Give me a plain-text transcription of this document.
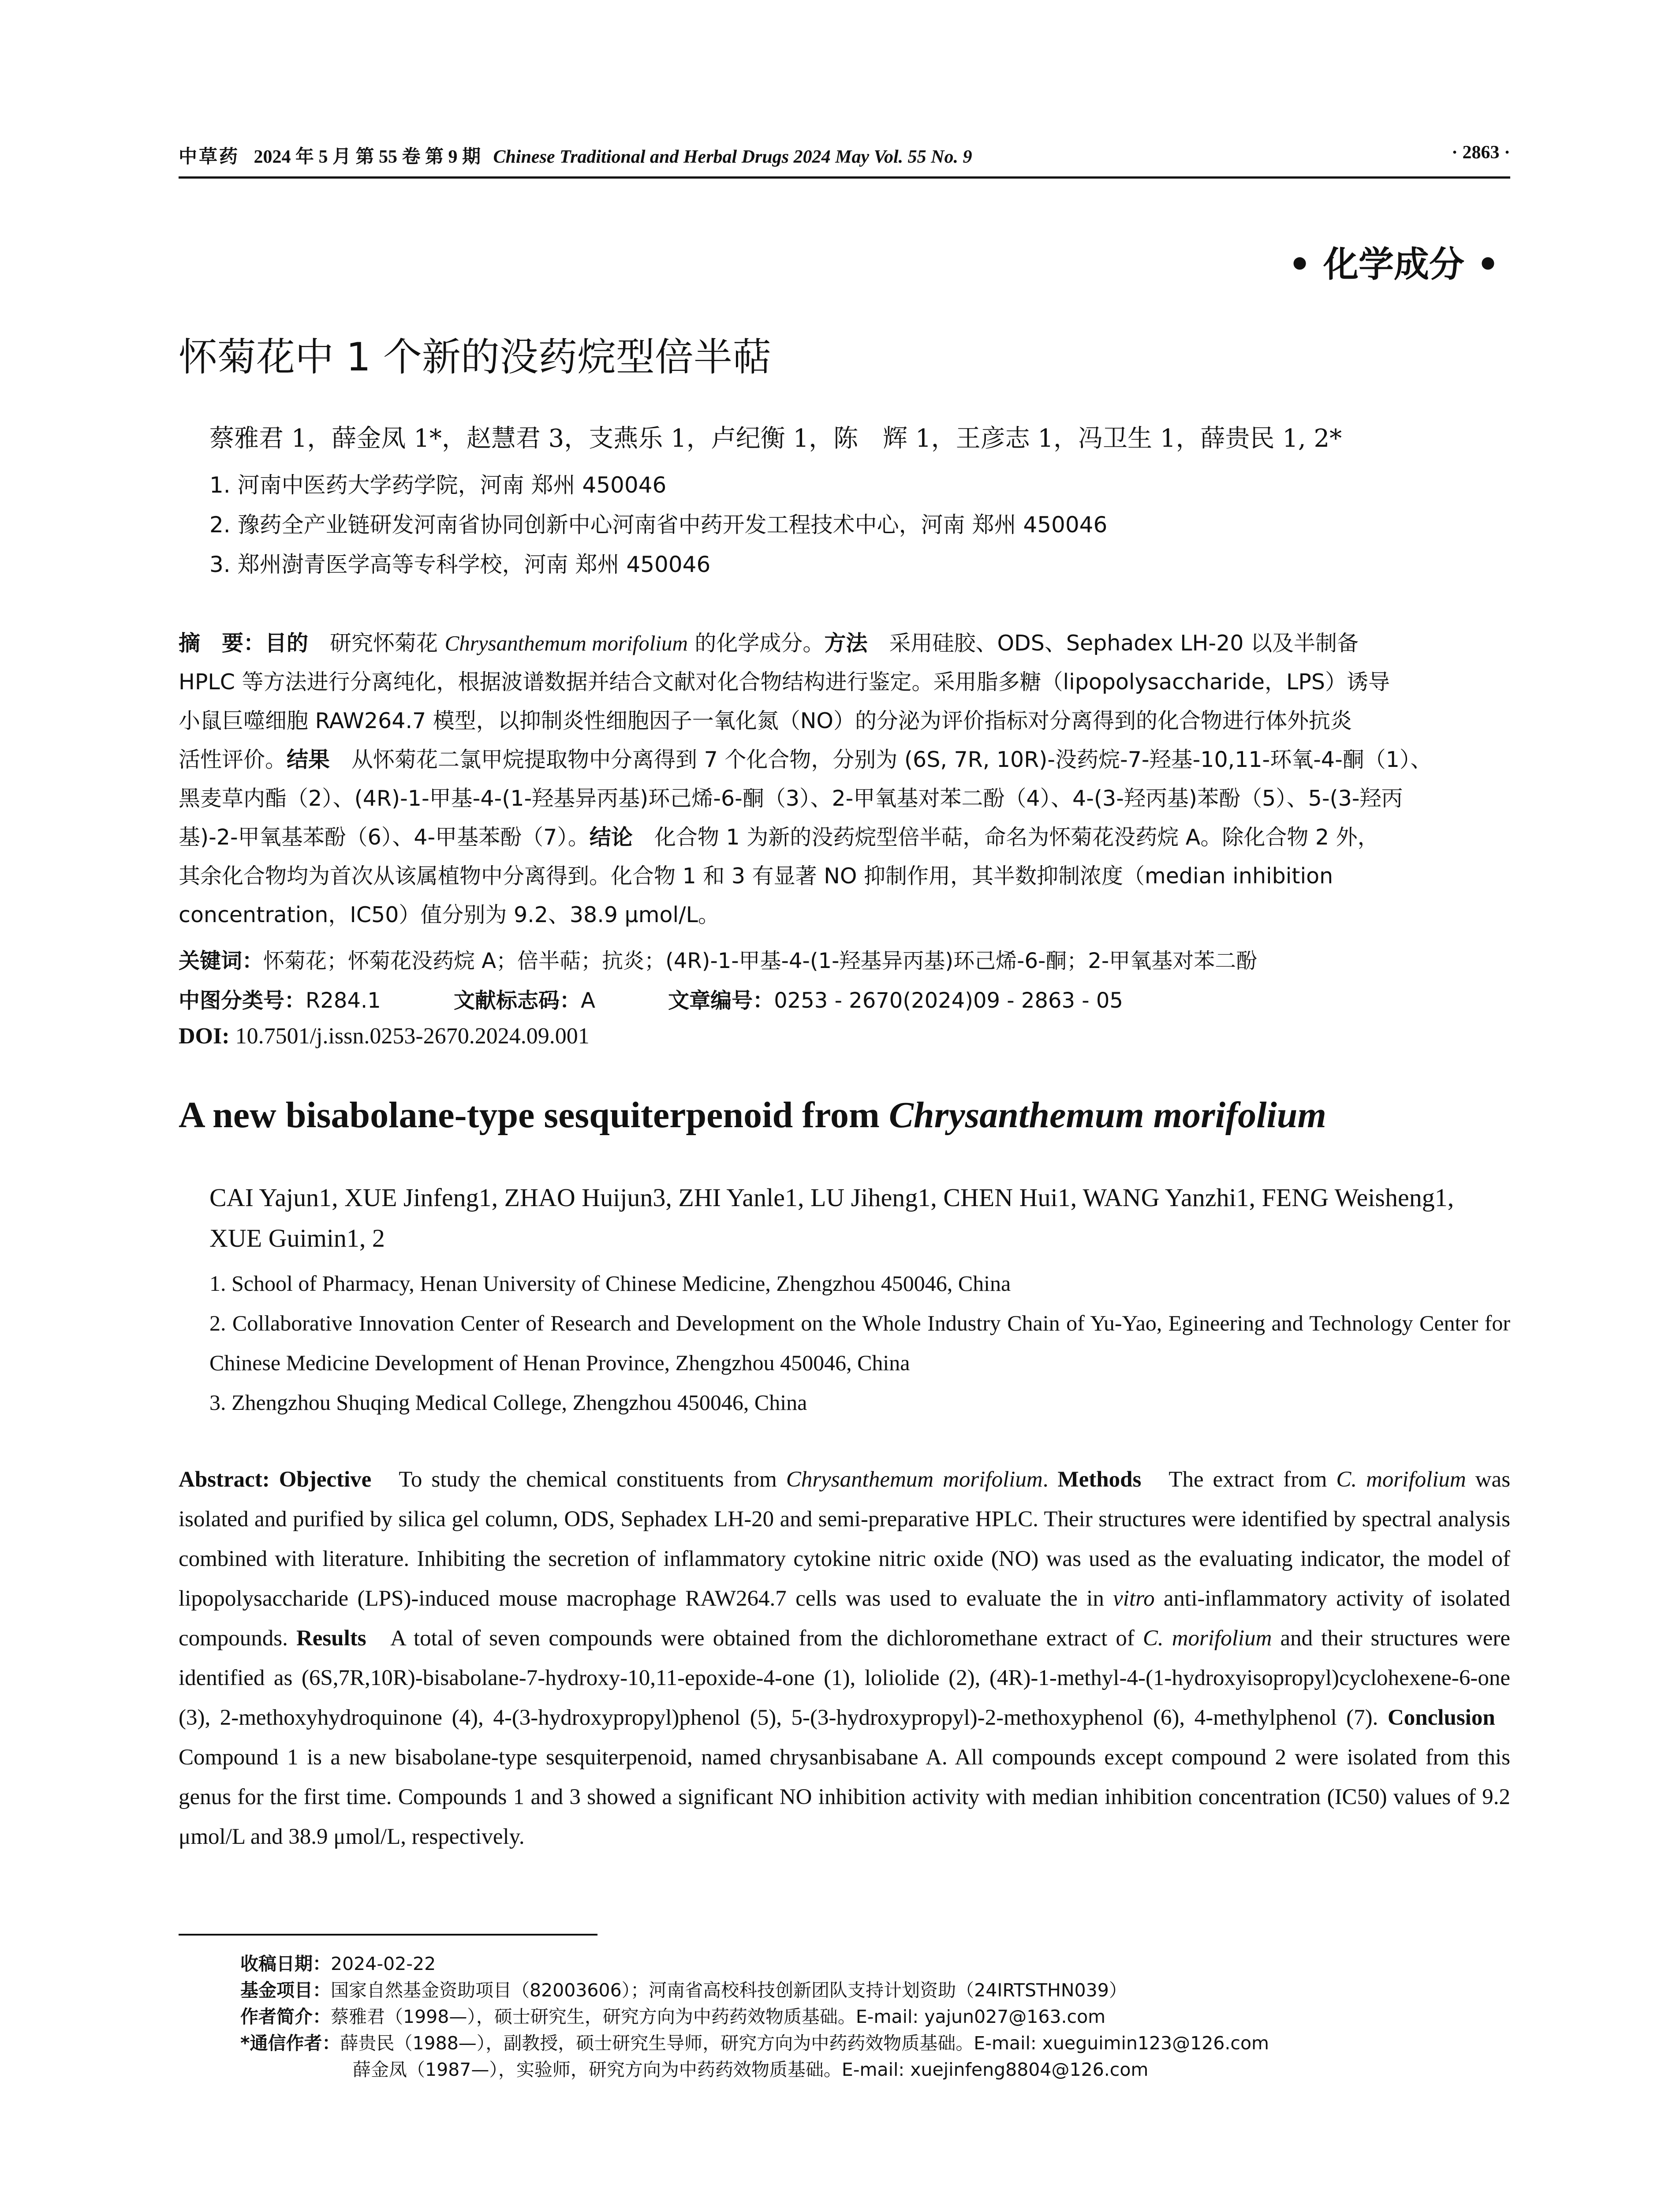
中草药 2024 年 5 月 第 55 卷 第 9 期 Chinese Traditional and Herbal Drugs 2024 May Vol. 55 No. 9	· 2863 ·
• 化学成分 •
怀菊花中 1 个新的没药烷型倍半萜
蔡雅君 1，薛金凤 1*，赵慧君 3，支燕乐 1，卢纪衡 1，陈　辉 1，王彦志 1，冯卫生 1，薛贵民 1, 2*
1. 河南中医药大学药学院，河南 郑州 450046
2. 豫药全产业链研发河南省协同创新中心河南省中药开发工程技术中心，河南 郑州 450046
3. 郑州澍青医学高等专科学校，河南 郑州 450046
摘　要：目的　研究怀菊花 Chrysanthemum morifolium 的化学成分。方法　采用硅胶、ODS、Sephadex LH-20 以及半制备
HPLC 等方法进行分离纯化，根据波谱数据并结合文献对化合物结构进行鉴定。采用脂多糖（lipopolysaccharide，LPS）诱导
小鼠巨噬细胞 RAW264.7 模型，以抑制炎性细胞因子一氧化氮（NO）的分泌为评价指标对分离得到的化合物进行体外抗炎
活性评价。结果　从怀菊花二氯甲烷提取物中分离得到 7 个化合物，分别为 (6S, 7R, 10R)-没药烷-7-羟基-10,11-环氧-4-酮（1）、
黑麦草内酯（2）、(4R)-1-甲基-4-(1-羟基异丙基)环己烯-6-酮（3）、2-甲氧基对苯二酚（4）、4-(3-羟丙基)苯酚（5）、5-(3-羟丙
基)-2-甲氧基苯酚（6）、4-甲基苯酚（7）。结论　化合物 1 为新的没药烷型倍半萜，命名为怀菊花没药烷 A。除化合物 2 外，
其余化合物均为首次从该属植物中分离得到。化合物 1 和 3 有显著 NO 抑制作用，其半数抑制浓度（median inhibition
concentration，IC50）值分别为 9.2、38.9 μmol/L。
关键词：怀菊花；怀菊花没药烷 A；倍半萜；抗炎；(4R)-1-甲基-4-(1-羟基异丙基)环己烯-6-酮；2-甲氧基对苯二酚
中图分类号：R284.1	文献标志码：A	文章编号：0253 - 2670(2024)09 - 2863 - 05
DOI: 10.7501/j.issn.0253-2670.2024.09.001
A new bisabolane-type sesquiterpenoid from Chrysanthemum morifolium
CAI Yajun1, XUE Jinfeng1, ZHAO Huijun3, ZHI Yanle1, LU Jiheng1, CHEN Hui1, WANG Yanzhi1, FENG Weisheng1, XUE Guimin1, 2
1. School of Pharmacy, Henan University of Chinese Medicine, Zhengzhou 450046, China
2. Collaborative Innovation Center of Research and Development on the Whole Industry Chain of Yu-Yao, Egineering and Technology Center for Chinese Medicine Development of Henan Province, Zhengzhou 450046, China
3. Zhengzhou Shuqing Medical College, Zhengzhou 450046, China
Abstract: Objective To study the chemical constituents from Chrysanthemum morifolium. Methods The extract from C. morifolium was isolated and purified by silica gel column, ODS, Sephadex LH-20 and semi-preparative HPLC. Their structures were identified by spectral analysis combined with literature. Inhibiting the secretion of inflammatory cytokine nitric oxide (NO) was used as the evaluating indicator, the model of lipopolysaccharide (LPS)-induced mouse macrophage RAW264.7 cells was used to evaluate the in vitro anti-inflammatory activity of isolated compounds. Results A total of seven compounds were obtained from the dichloromethane extract of C. morifolium and their structures were identified as (6S,7R,10R)-bisabolane-7-hydroxy-10,11-epoxide-4-one (1), loliolide (2), (4R)-1-methyl-4-(1-hydroxyisopropyl)cyclohexene-6-one (3), 2-methoxyhydroquinone (4), 4-(3-hydroxypropyl)phenol (5), 5-(3-hydroxypropyl)-2-methoxyphenol (6), 4-methylphenol (7). Conclusion   Compound 1 is a new bisabolane-type sesquiterpenoid, named chrysanbisabane A. All compounds except compound 2 were isolated from this genus for the first time. Compounds 1 and 3 showed a significant NO inhibition activity with median inhibition concentration (IC50) values of 9.2 μmol/L and 38.9 μmol/L, respectively.
收稿日期：2024-02-22
基金项目：国家自然基金资助项目（82003606）；河南省高校科技创新团队支持计划资助（24IRTSTHN039）
作者简介：蔡雅君（1998—），硕士研究生，研究方向为中药药效物质基础。E-mail: yajun027@163.com
*通信作者：薛贵民（1988—），副教授，硕士研究生导师，研究方向为中药药效物质基础。E-mail: xueguimin123@126.com
薛金凤（1987—），实验师，研究方向为中药药效物质基础。E-mail: xuejinfeng8804@126.com
